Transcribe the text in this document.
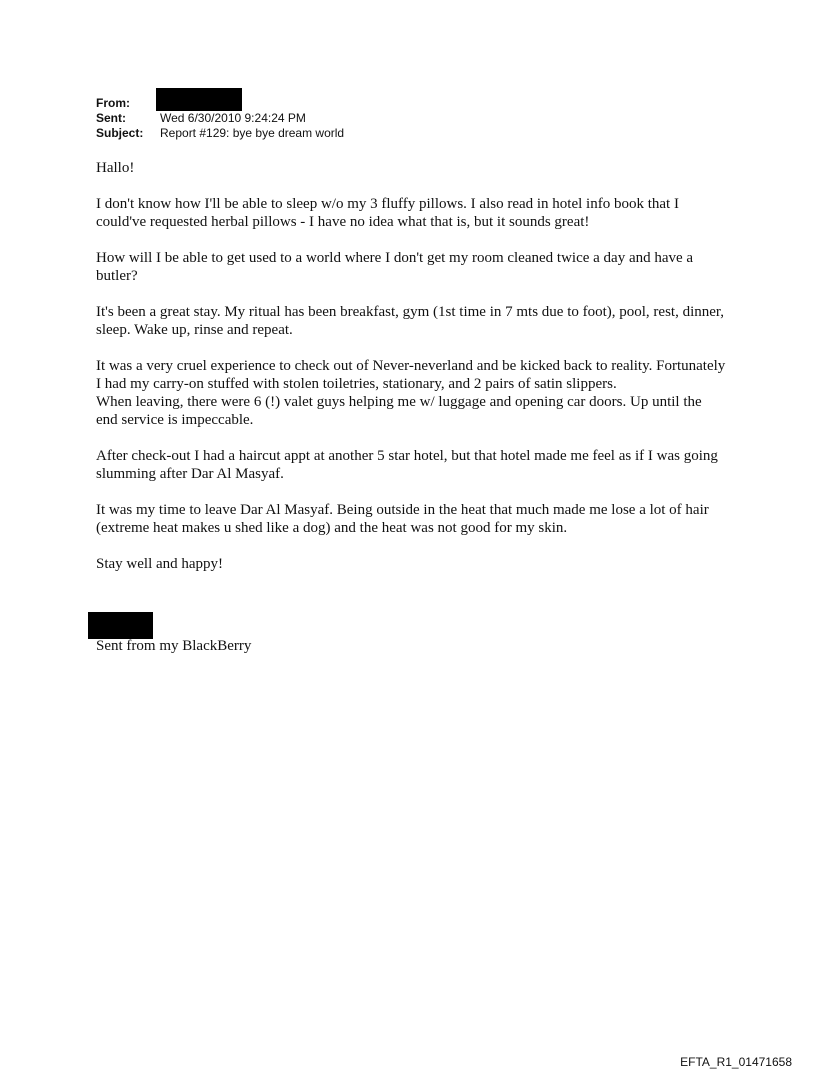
From:
Sent:	Wed 6/30/2010 9:24:24 PM
Subject:	Report #129: bye bye dream world

Hallo!

I don't know how I'll be able to sleep w/o my 3 fluffy pillows. I also read in hotel info book that I could've requested herbal pillows - I have no idea what that is, but it sounds great!

How will I be able to get used to a world where I don't get my room cleaned twice a day and have a butler?

It's been a great stay. My ritual has been breakfast, gym (1st time in 7 mts due to foot), pool, rest, dinner, sleep. Wake up, rinse and repeat.

It was a very cruel experience to check out of Never-neverland and be kicked back to reality. Fortunately I had my carry-on stuffed with stolen toiletries, stationary, and 2 pairs of satin slippers.

When leaving, there were 6 (!) valet guys helping me w/ luggage and opening car doors. Up until the end service is impeccable.

After check-out I had a haircut appt at another 5 star hotel, but that hotel made me feel as if I was going slumming after Dar Al Masyaf.

It was my time to leave Dar Al Masyaf. Being outside in the heat that much made me lose a lot of hair (extreme heat makes u shed like a dog) and the heat was not good for my skin.

Stay well and happy!

Sent from my BlackBerry
EFTA_R1_01471658
